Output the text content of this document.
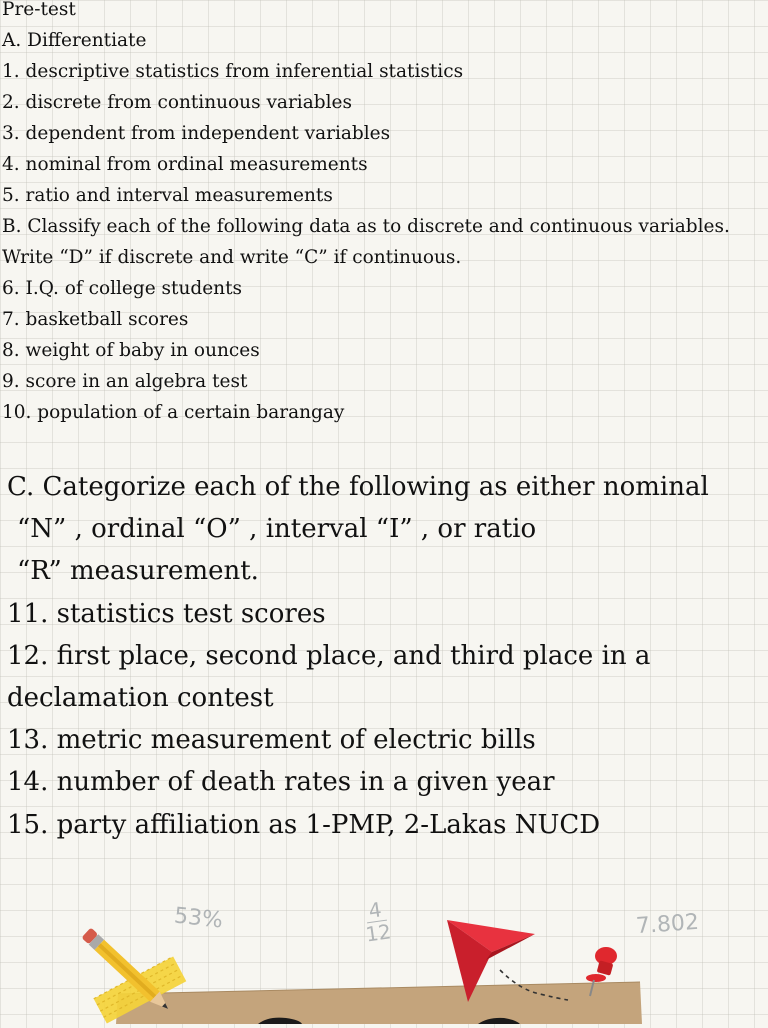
Pre-test
A. Differentiate
1. descriptive statistics from inferential statistics
2. discrete from continuous variables
3. dependent from independent variables
4. nominal from ordinal measurements
5. ratio and interval measurements
B. Classify each of the following data as to discrete and continuous variables.
Write “D” if discrete and write “C” if continuous.
6. I.Q. of college students
7. basketball scores
8. weight of baby in ounces
9. score in an algebra test
10. population of a certain barangay
C. Categorize each of the following as either nominal
“N” , ordinal “O” , interval “I” , or ratio
“R” measurement.
11. statistics test scores
12. first place, second place, and third place in a
declamation contest
13. metric measurement of electric bills
14. number of death rates in a given year
15. party affiliation as 1-PMP, 2-Lakas NUCD
53%	4
12	7.802
